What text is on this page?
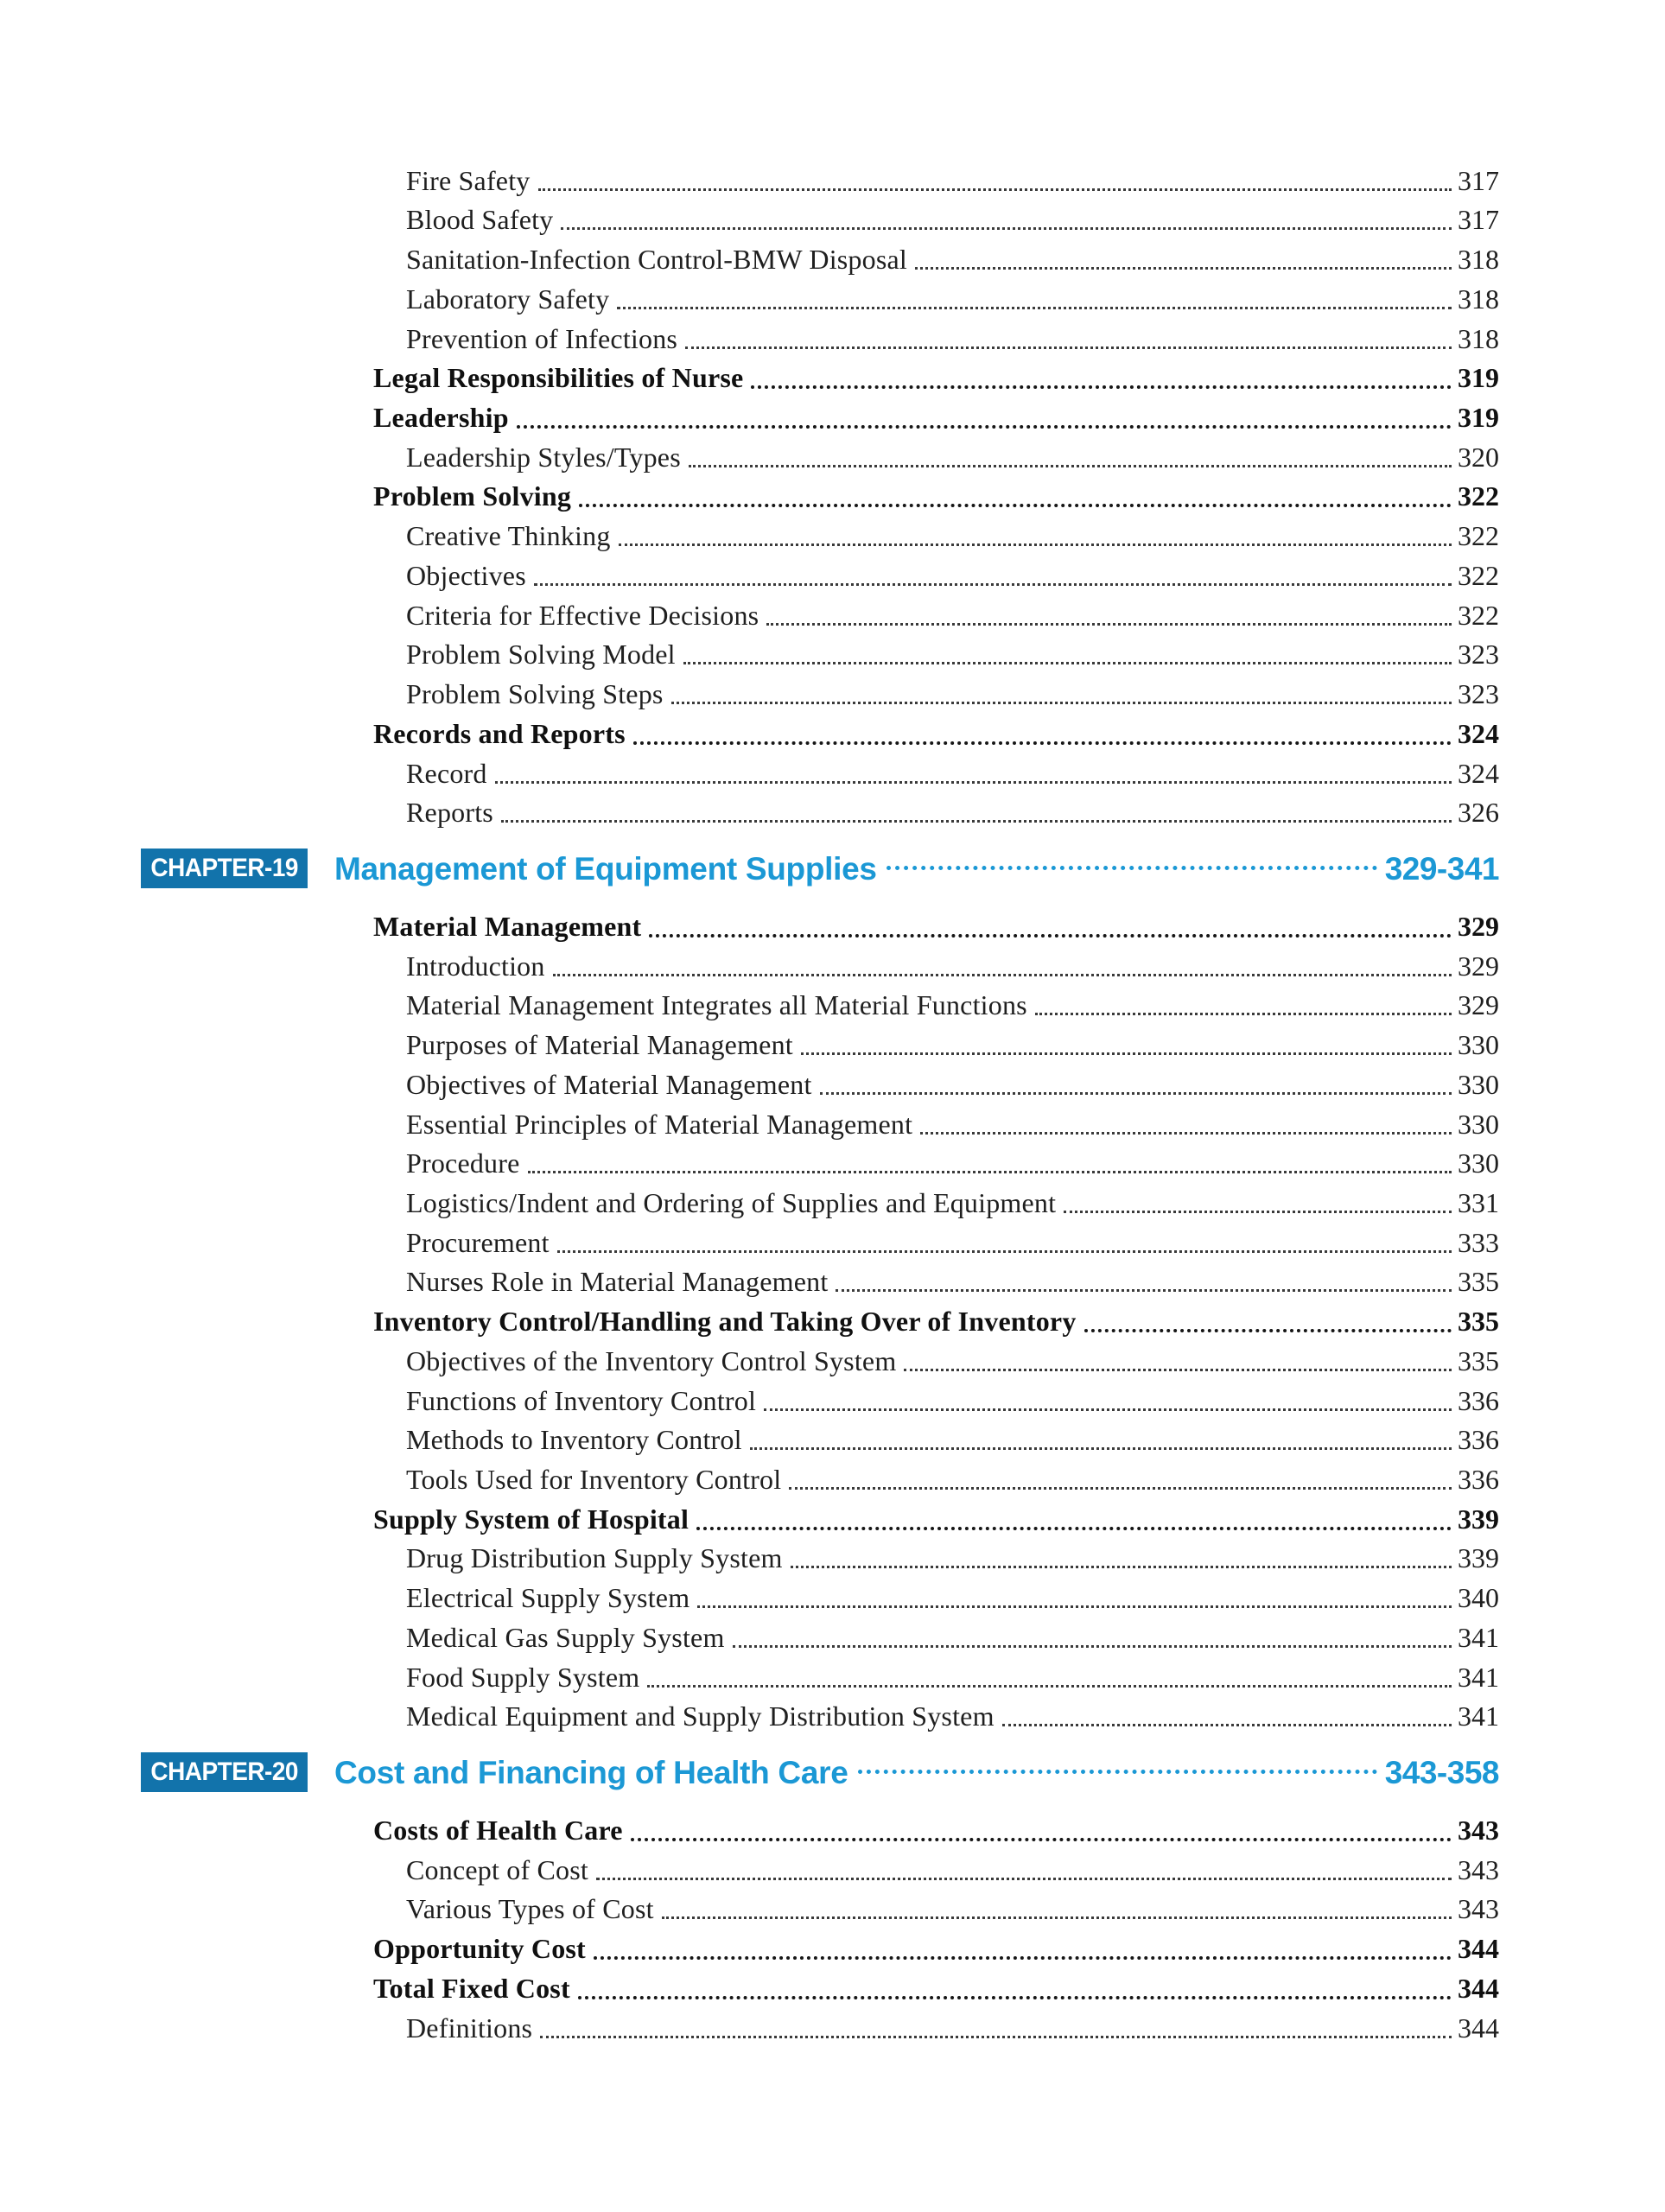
Fire Safety	317
Blood Safety	317
Sanitation-Infection Control-BMW Disposal	318
Laboratory Safety	318
Prevention of Infections	318
Legal Responsibilities of Nurse	319
Leadership	319
Leadership Styles/Types	320
Problem Solving	322
Creative Thinking	322
Objectives	322
Criteria for Effective Decisions	322
Problem Solving Model	323
Problem Solving Steps	323
Records and Reports	324
Record	324
Reports	326
CHAPTER-19 Management of Equipment Supplies	329-341
Material Management	329
Introduction	329
Material Management Integrates all Material Functions	329
Purposes of Material Management	330
Objectives of Material Management	330
Essential Principles of Material Management	330
Procedure	330
Logistics/Indent and Ordering of Supplies and Equipment	331
Procurement	333
Nurses Role in Material Management	335
Inventory Control/Handling and Taking Over of Inventory	335
Objectives of the Inventory Control System	335
Functions of Inventory Control	336
Methods to Inventory Control	336
Tools Used for Inventory Control	336
Supply System of Hospital	339
Drug Distribution Supply System	339
Electrical Supply System	340
Medical Gas Supply System	341
Food Supply System	341
Medical Equipment and Supply Distribution System	341
CHAPTER-20 Cost and Financing of Health Care	343-358
Costs of Health Care	343
Concept of Cost	343
Various Types of Cost	343
Opportunity Cost	344
Total Fixed Cost	344
Definitions	344
